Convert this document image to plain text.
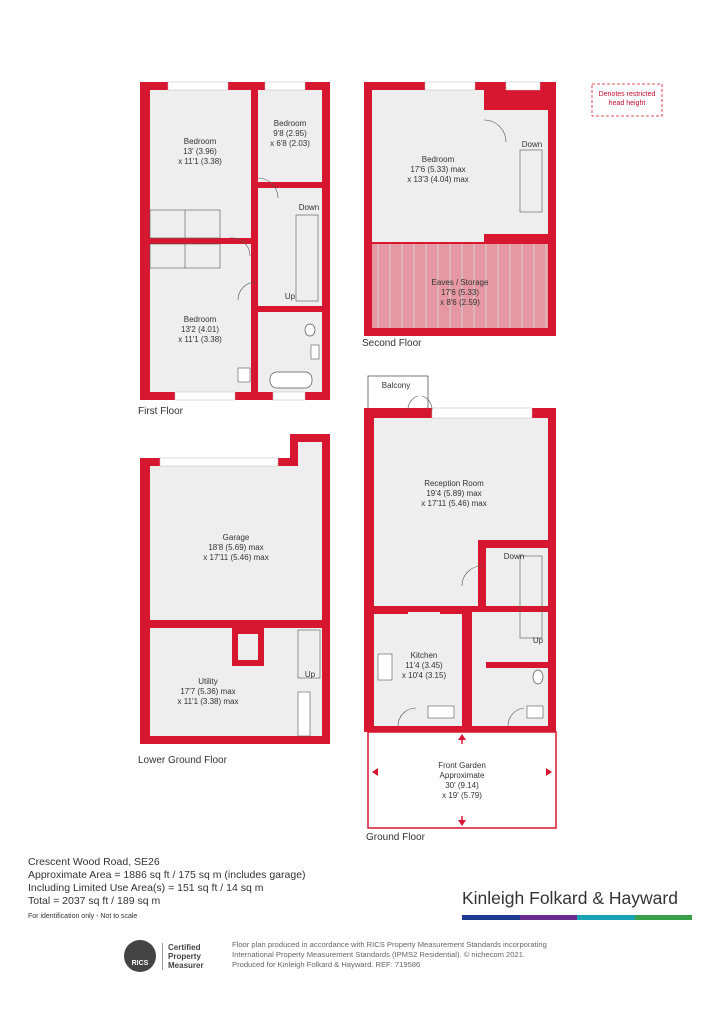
Bedroom
13' (3.96)
x 11'1 (3.38)
Bedroom
9'8 (2.95)
x 6'8 (2.03)
Bedroom
13'2 (4.01)
x 11'1 (3.38)
Down
Up
First Floor
Bedroom
17'6 (5.33) max
x 13'3 (4.04) max
Eaves / Storage
17'6 (5.33)
x 8'6 (2.59)
Down
Second Floor
Denotes restricted
head height
Garage
18'8 (5.69) max
x 17'11 (5.46) max
Utility
17'7 (5.36) max
x 11'1 (3.38) max
Up
Lower Ground Floor
Balcony
Reception Room
19'4 (5.89) max
x 17'11 (5.46) max
Kitchen
11'4 (3.45)
x 10'4 (3.15)
Down
Up
Front Garden
Approximate
30' (9.14)
x 19' (5.79)
Ground Floor
Crescent Wood Road, SE26
Approximate Area = 1886 sq ft / 175 sq m (includes garage)
Including Limited Use Area(s) = 151 sq ft / 14 sq m
Total = 2037 sq ft / 189 sq m
For identification only - Not to scale
Kinleigh Folkard & Hayward
RICS
Certified
Property
Measurer
Floor plan produced in accordance with RICS Property Measurement Standards incorporating
International Property Measurement Standards (IPMS2 Residential). © nichecom 2021.
Produced for Kinleigh Folkard & Hayward. REF: 719586
